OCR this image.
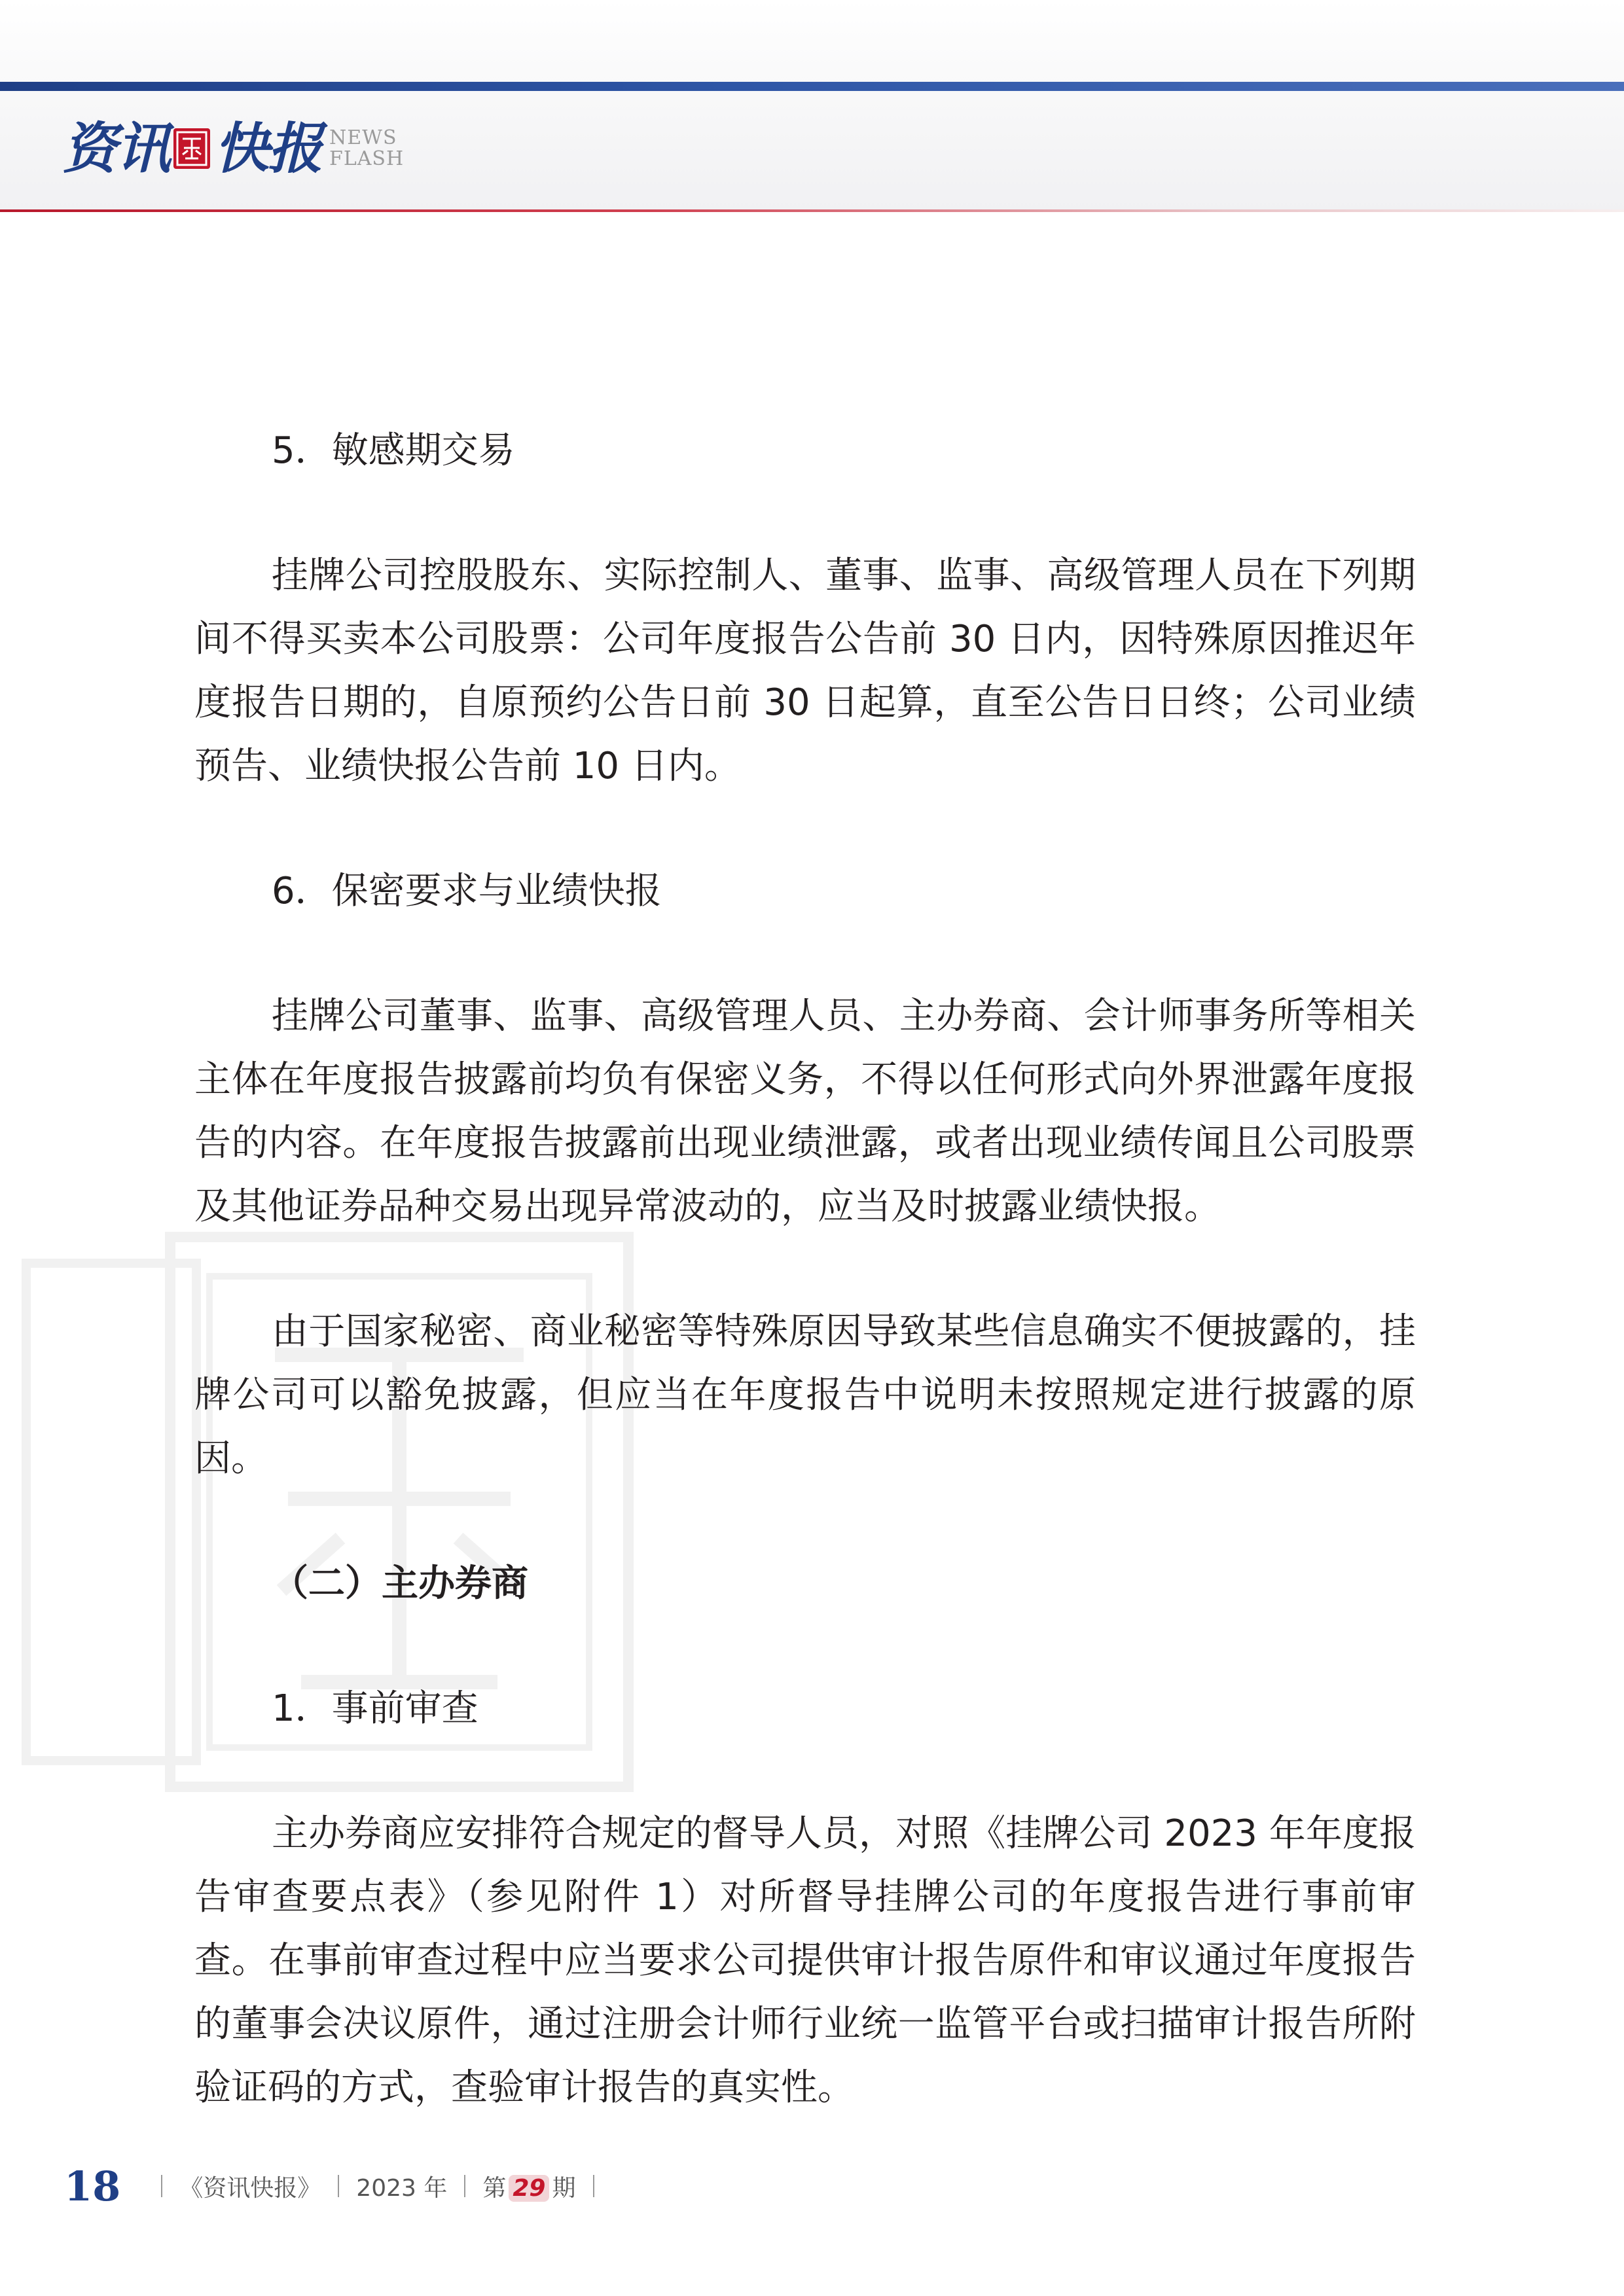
资讯 快报 NEWS
FLASH

5．敏感期交易

挂牌公司控股股东、实际控制人、董事、监事、高级管理人员在下列期间不得买卖本公司股票：公司年度报告公告前 30 日内，因特殊原因推迟年度报告日期的，自原预约公告日前 30 日起算，直至公告日日终；公司业绩预告、业绩快报公告前 10 日内。

6．保密要求与业绩快报

挂牌公司董事、监事、高级管理人员、主办券商、会计师事务所等相关主体在年度报告披露前均负有保密义务，不得以任何形式向外界泄露年度报告的内容。在年度报告披露前出现业绩泄露，或者出现业绩传闻且公司股票及其他证券品种交易出现异常波动的，应当及时披露业绩快报。

由于国家秘密、商业秘密等特殊原因导致某些信息确实不便披露的，挂牌公司可以豁免披露，但应当在年度报告中说明未按照规定进行披露的原因。

（二）主办券商

1．事前审查

主办券商应安排符合规定的督导人员，对照《挂牌公司 2023 年年度报告审查要点表》（参见附件 1）对所督导挂牌公司的年度报告进行事前审查。在事前审查过程中应当要求公司提供审计报告原件和审议通过年度报告的董事会决议原件，通过注册会计师行业统一监管平台或扫描审计报告所附验证码的方式，查验审计报告的真实性。

18	《资讯快报》 2023 年 第 29 期
